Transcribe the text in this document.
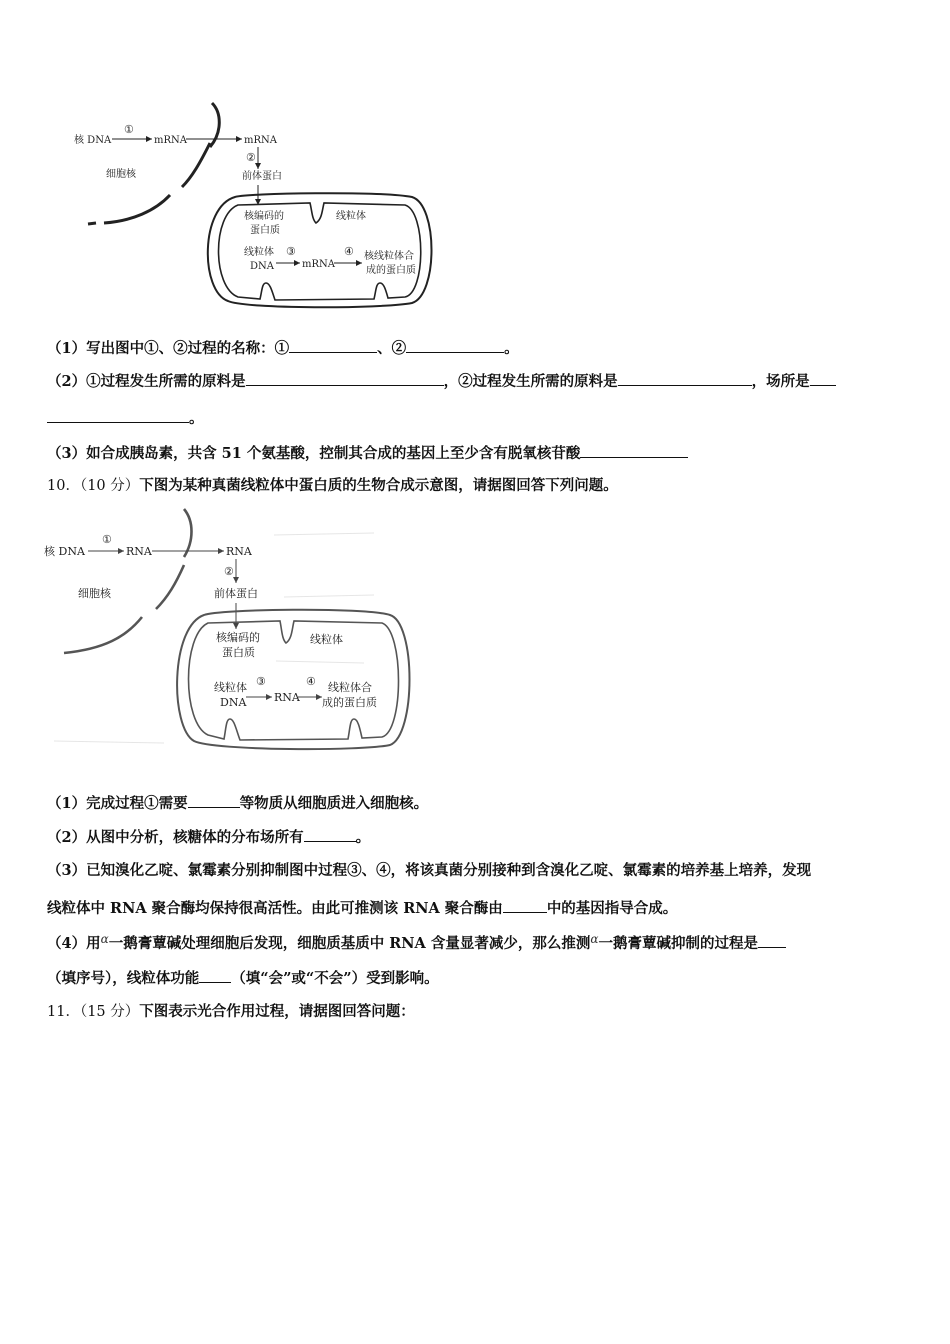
核 DNA
①
mRNA	mRNA
②
细胞核	前体蛋白
核编码的
蛋白质
线粒体
线粒体
DNA
③
mRNA
④ 核线粒体合
成的蛋白质
（1）写出图中①、②过程的名称：①	、②	。
（2）①过程发生所需的原料是	，②过程发生所需的原料是	，场所是
。
（3）如合成胰岛素，共含 51 个氨基酸，控制其合成的基因上至少含有脱氧核苷酸
10．（10 分）下图为某种真菌线粒体中蛋白质的生物合成示意图，请据图回答下列问题。
核 DNA
①
RNA	RNA
②
细胞核	前体蛋白
核编码的
蛋白质
线粒体
线粒体
DNA
③
RNA
④ 线粒体合
成的蛋白质
（1）完成过程①需要	等物质从细胞质进入细胞核。
（2）从图中分析，核糖体的分布场所有	。
（3）已知溴化乙啶、氯霉素分别抑制图中过程③、④，将该真菌分别接种到含溴化乙啶、氯霉素的培养基上培养，发现
线粒体中 RNA 聚合酶均保持很高活性。由此可推测该 RNA 聚合酶由	中的基因指导合成。
（4）用$^\alpha$一鹅膏蕈碱处理细胞后发现，细胞质基质中 RNA 含量显著减少，那么推测$^\alpha$一鹅膏蕈碱抑制的过程是
（填序号），线粒体功能 （填“会”或“不会”）受到影响。
11．（15 分）下图表示光合作用过程，请据图回答问题：
